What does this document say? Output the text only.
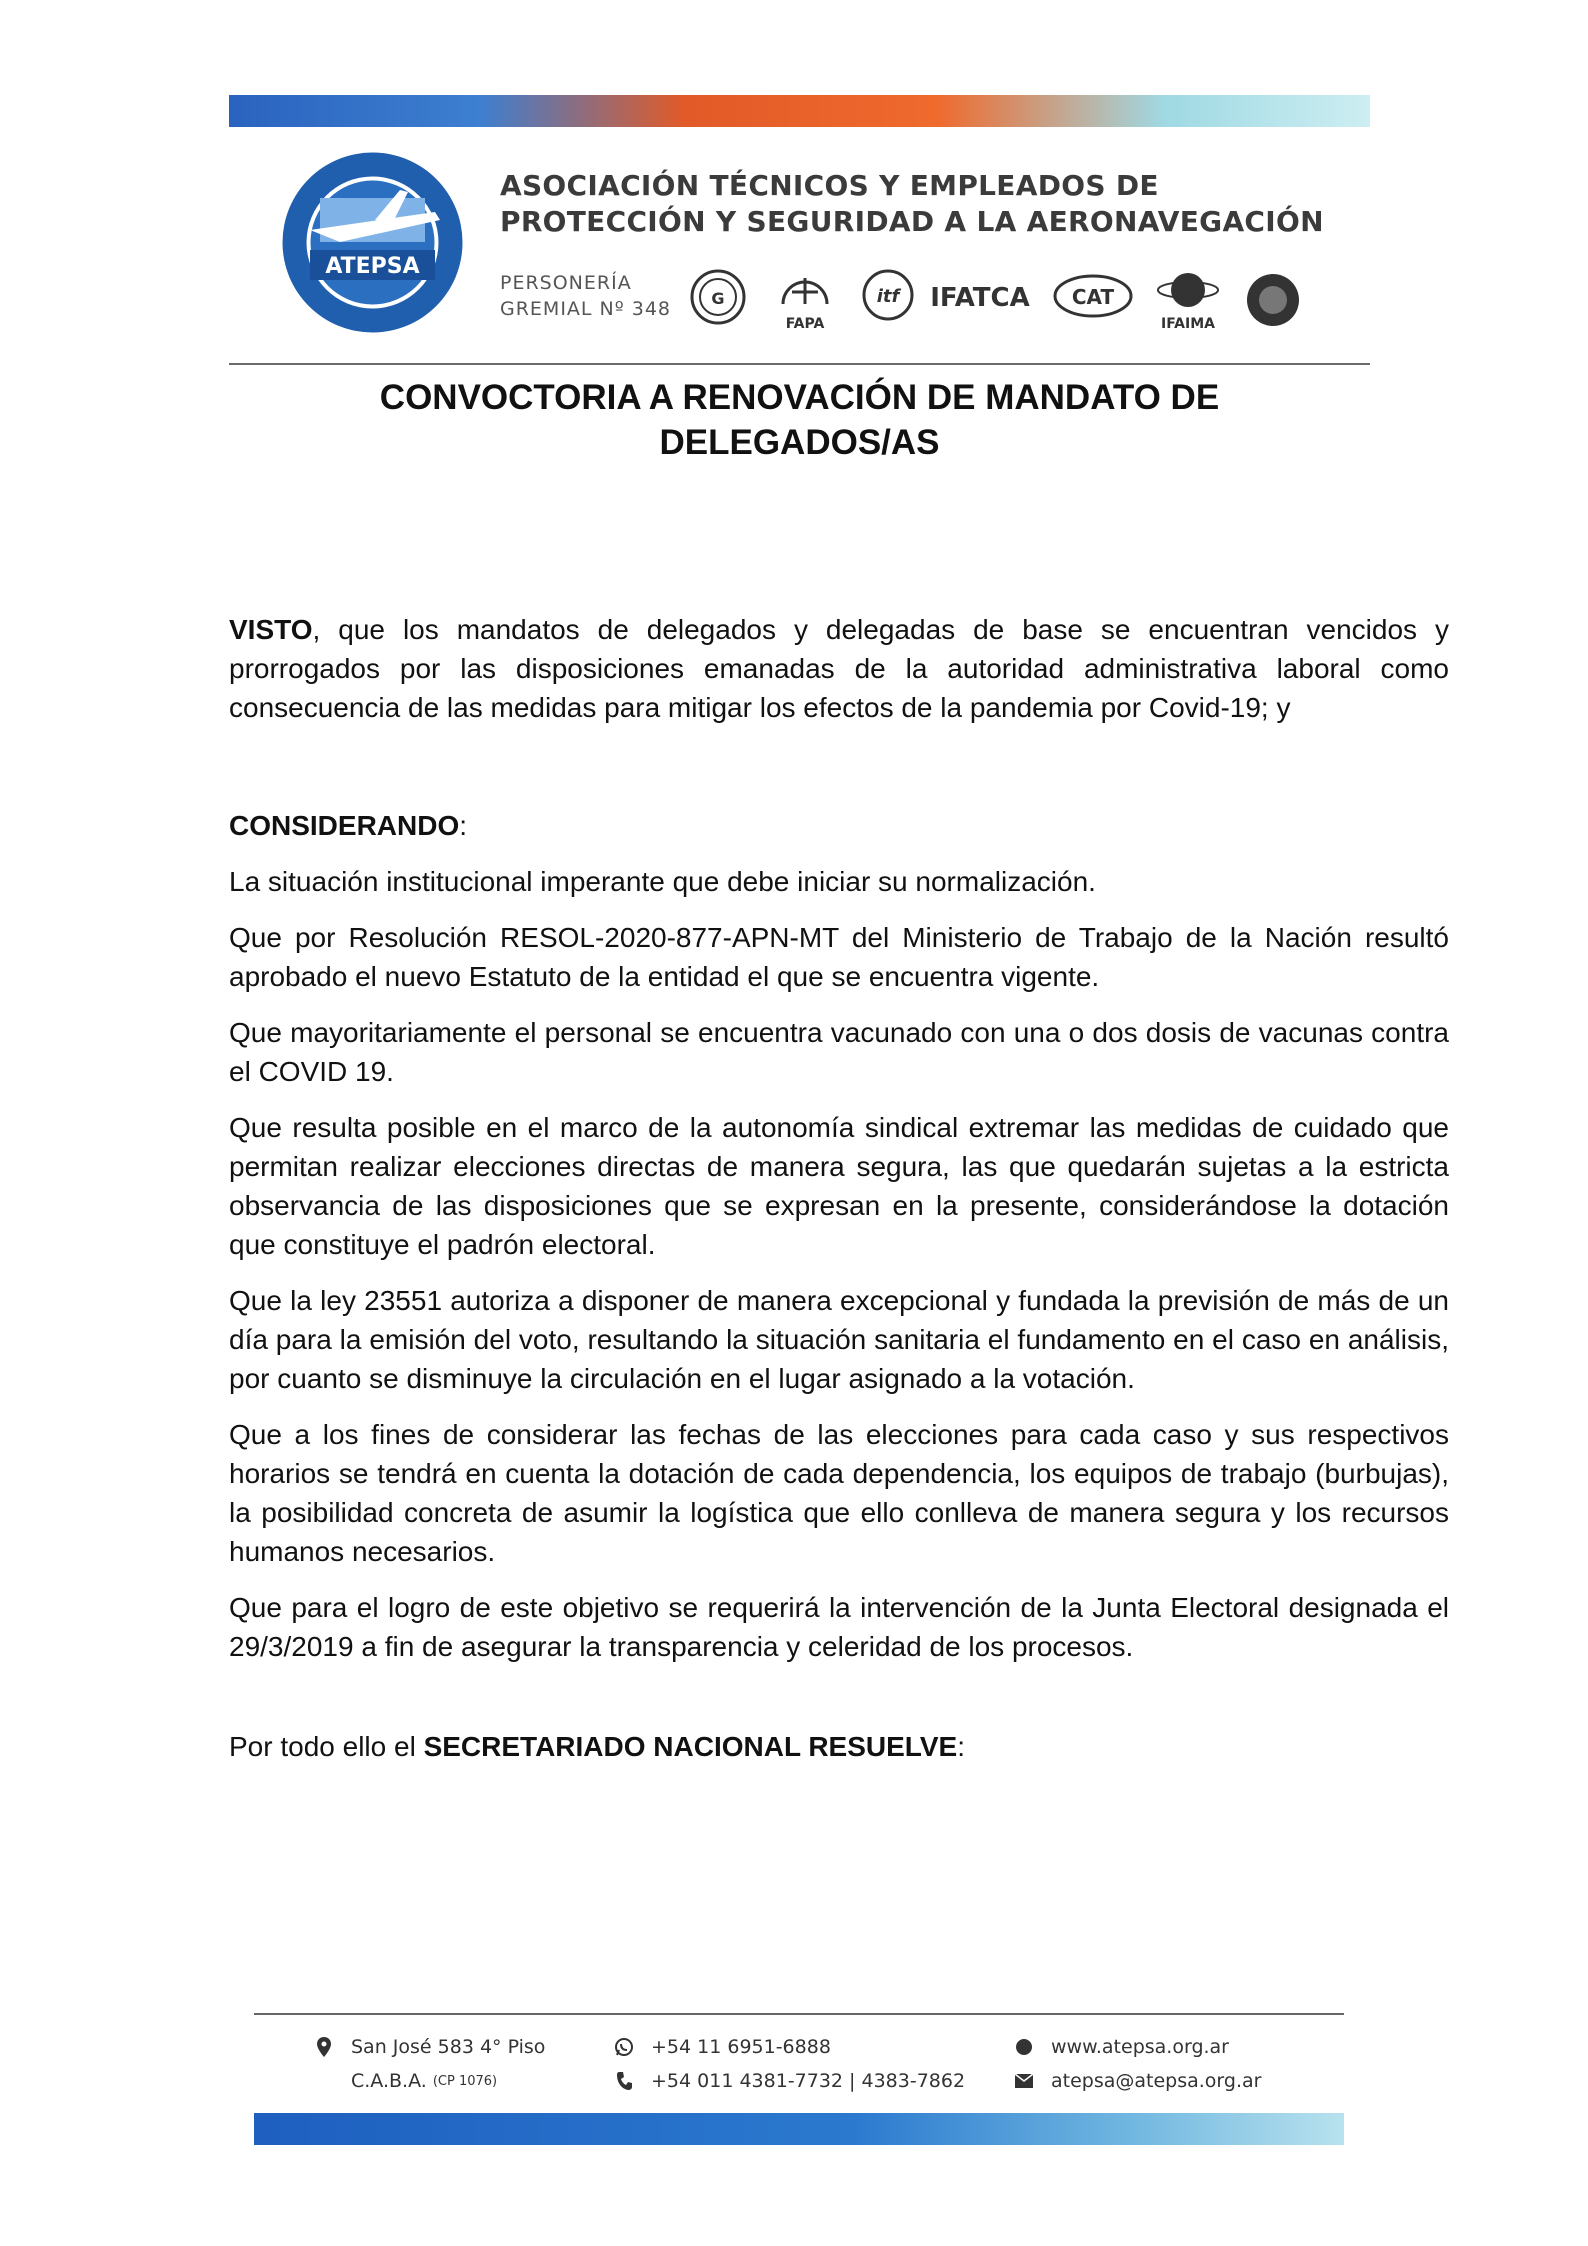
ATEPSA
ASOCIACIÓN TÉCNICOS Y EMPLEADOS DE
PROTECCIÓN Y SEGURIDAD A LA AERONAVEGACIÓN
PERSONERÍA
GREMIAL Nº 348	G
FAPA
itf IFATCA CAT
IFAIMA
CONVOCTORIA A RENOVACIÓN DE MANDATO DE
DELEGADOS/AS

VISTO, que los mandatos de delegados y delegadas de base se encuentran vencidos y prorrogados por las disposiciones emanadas de la autoridad administrativa laboral como consecuencia de las medidas para mitigar los efectos de la pandemia por Covid-19; y

CONSIDERANDO:

La situación institucional imperante que debe iniciar su normalización.

Que por Resolución RESOL-2020-877-APN-MT del Ministerio de Trabajo de la Nación resultó aprobado el nuevo Estatuto de la entidad el que se encuentra vigente.

Que mayoritariamente el personal se encuentra vacunado con una o dos dosis de vacunas contra el COVID 19.

Que resulta posible en el marco de la autonomía sindical extremar las medidas de cuidado que permitan realizar elecciones directas de manera segura, las que quedarán sujetas a la estricta observancia de las disposiciones que se expresan en la presente, considerándose la dotación que constituye el padrón electoral.

Que la ley 23551 autoriza a disponer de manera excepcional y fundada la previsión de más de un día para la emisión del voto, resultando la situación sanitaria el fundamento en el caso en análisis, por cuanto se disminuye la circulación en el lugar asignado a la votación.

Que a los fines de considerar las fechas de las elecciones para cada caso y sus respectivos horarios se tendrá en cuenta la dotación de cada dependencia, los equipos de trabajo (burbujas), la posibilidad concreta de asumir la logística que ello conlleva de manera segura y los recursos humanos necesarios.

Que para el logro de este objetivo se requerirá la intervención de la Junta Electoral designada el 29/3/2019 a fin de asegurar la transparencia y celeridad de los procesos.

Por todo ello el SECRETARIADO NACIONAL RESUELVE:

San José 583 4° Piso
C.A.B.A.
(CP 1076)
+54 11 6951-6888
+54 011 4381-7732 | 4383-7862
www.atepsa.org.ar
atepsa@atepsa.org.ar
